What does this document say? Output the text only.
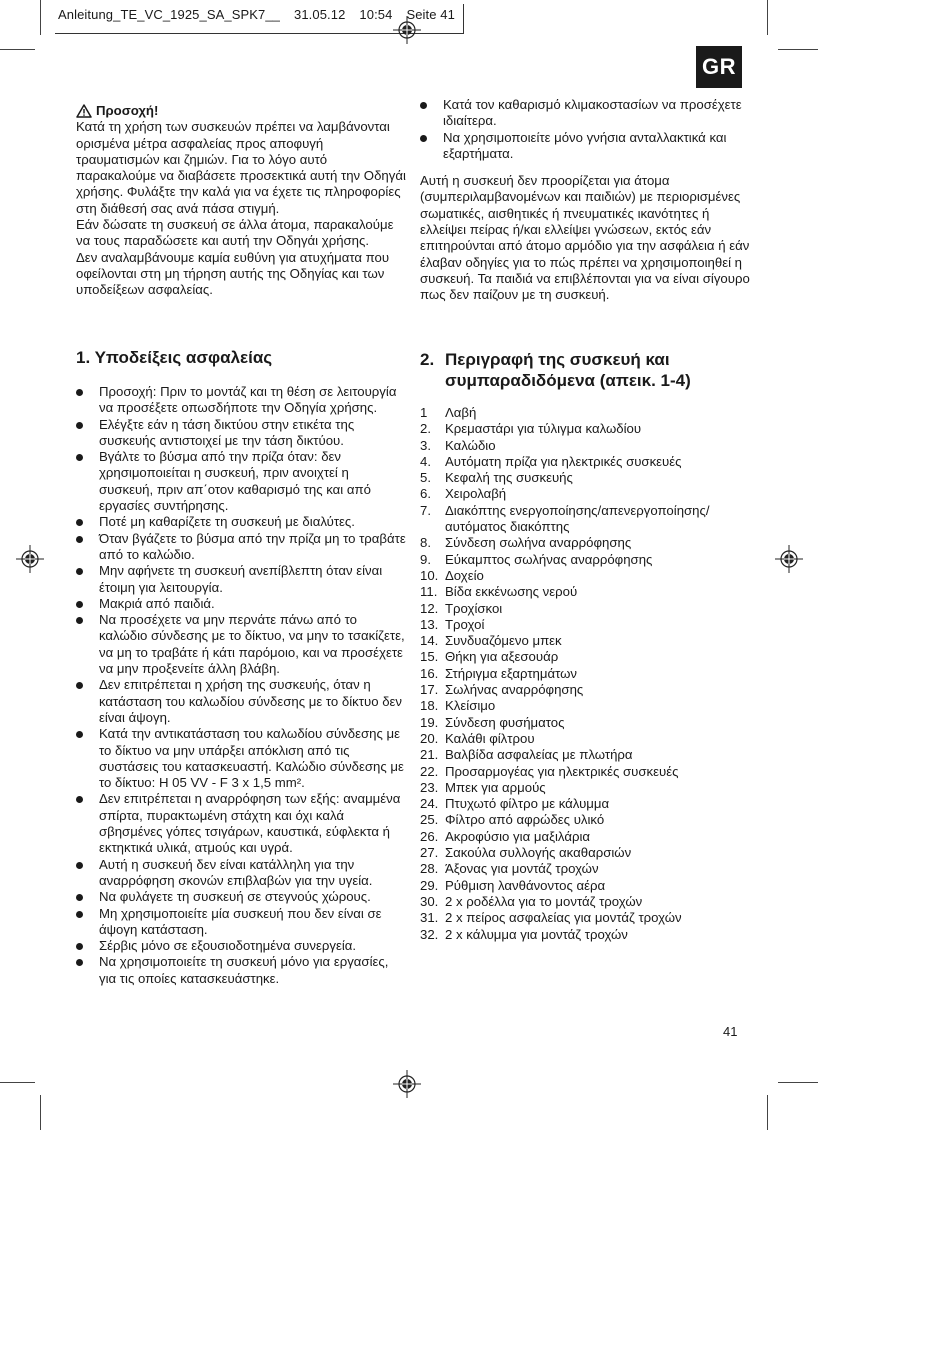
Anleitung_TE_VC_1925_SA_SPK7__ 31.05.12 10:54 Seite 41
GR
Προσοχή!

Κατά τη χρήση των συσκευών πρέπει να λαμβάνονται ορισμένα μέτρα ασφαλείας προς αποφυγή τραυματισμών και ζημιών. Για το λόγο αυτό παρακαλούμε να διαβάσετε προσεκτικά αυτή την Οδηγάι χρήσης. Φυλάξτε την καλά για να έχετε τις πληροφορίες στη διάθεσή σας ανά πάσα στιγμή.

Εάν δώσατε τη συσκευή σε άλλα άτομα, παρακαλούμε να τους παραδώσετε και αυτή την Οδηγάι χρήσης.

Δεν αναλαμβάνουμε καμία ευθύνη για ατυχήματα που οφείλονται στη μη τήρηση αυτής της Οδηγίας και των υποδείξεων ασφαλείας.

1. Υποδείξεις ασφαλείας
Προσοχή: Πριν το μοντάζ και τη θέση σε λειτουργία να προσέξετε οπωσδήποτε την Οδηγία χρήσης.
Ελέγξτε εάν η τάση δικτύου στην ετικέτα της συσκευής αντιστοιχεί με την τάση δικτύου.
Βγάλτε το βύσμα από την πρίζα όταν: δεν χρησιμοποιείται η συσκευή, πριν ανοιχτεί η συσκευή, πριν απ΄οτον καθαρισμό της και από εργασίες συντήρησης.
Ποτέ μη καθαρίζετε τη συσκευή με διαλύτες.
Όταν βγάζετε το βύσμα από την πρίζα μη το τραβάτε από το καλώδιο.
Μην αφήνετε τη συσκευή ανεπίβλεπτη όταν είναι έτοιμη για λειτουργία.
Μακριά από παιδιά.
Να προσέχετε να μην περνάτε πάνω από το καλώδιο σύνδεσης με το δίκτυο, να μην το τσακίζετε, να μη το τραβάτε ή κάτι παρόμοιο, και να προσέχετε να μην προξενείτε άλλη βλάβη.
Δεν επιτρέπεται η χρήση της συσκευής, όταν η κατάσταση του καλωδίου σύνδεσης με το δίκτυο δεν είναι άψογη.
Κατά την αντικατάσταση του καλωδίου σύνδεσης με το δίκτυο να μην υπάρξει απόκλιση από τις συστάσεις του κατασκευαστή. Καλώδιο σύνδεσης με το δίκτυο: H 05 VV - F 3 x 1,5 mm².
Δεν επιτρέπεται η αναρρόφηση των εξής: αναμμένα σπίρτα, πυρακτωμένη στάχτη και όχι καλά σβησμένες γόπες τσιγάρων, καυστικά, εύφλεκτα ή εκτηκτικά υλικά, ατμούς και υγρά.
Αυτή η συσκευή δεν είναι κατάλληλη για την αναρρόφηση σκονών επιβλαβών για την υγεία.
Να φυλάγετε τη συσκευή σε στεγνούς χώρους.
Μη χρησιμοποιείτε μία συσκευή που δεν είναι σε άψογη κατάσταση.
Σέρβις μόνο σε εξουσιοδοτημένα συνεργεία.
Να χρησιμοποιείτε τη συσκευή μόνο για εργασίες, για τις οποίες κατασκευάστηκε.
Κατά τον καθαρισμό κλιμακοστασίων να προσέχετε ιδιαίτερα.
Να χρησιμοποιείτε μόνο γνήσια ανταλλακτικά και εξαρτήματα.

Αυτή η συσκευή δεν προορίζεται για άτομα (συμπεριλαμβανομένων και παιδιών) με περιορισμένες σωματικές, αισθητικές ή πνευματικές ικανότητες ή ελλείψει πείρας ή/και ελλείψει γνώσεων, εκτός εάν επιτηρούνται από άτομο αρμόδιο για την ασφάλεια ή εάν έλαβαν οδηγίες για το πώς πρέπει να χρησιμοποιηθεί η συσκευή. Τα παιδιά να επιβλέπονται για να είναι σίγουρο πως δεν παίζουν με τη συσκευή.

2. Περιγραφή της συσκευή και
συμπαραδιδόμενα (απεικ. 1-4)
1	Λαβή
2.	Κρεμαστάρι για τύλιγμα καλωδίου
3.	Καλώδιο
4.	Αυτόματη πρίζα για ηλεκτρικές συσκευές
5.	Κεφαλή της συσκευής
6.	Χειρολαβή
7.	Διακόπτης ενεργοποίησης/απενεργοποίησης/αυτόματος διακόπτης
8.	Σύνδεση σωλήνα αναρρόφησης
9.	Εύκαμπτος σωλήνας αναρρόφησης
10. Δοχείο
11. Βίδα εκκένωσης νερού
12. Τροχίσκοι
13. Τροχοί
14. Συνδυαζόμενο μπεκ
15. Θήκη για αξεσουάρ
16. Στήριγμα εξαρτημάτων
17. Σωλήνας αναρρόφησης
18. Κλείσιμο
19. Σύνδεση φυσήματος
20. Καλάθι φίλτρου
21. Βαλβίδα ασφαλείας με πλωτήρα
22. Προσαρμογέας για ηλεκτρικές συσκευές
23. Μπεκ για αρμούς
24. Πτυχωτό φίλτρο με κάλυμμα
25. Φίλτρο από αφρώδες υλικό
26. Ακροφύσιο για μαξιλάρια
27. Σακούλα συλλογής ακαθαρσιών
28. Άξονας για μοντάζ τροχών
29. Ρύθμιση λανθάνοντος αέρα
30. 2 x ροδέλλα για το μοντάζ τροχών
31. 2 x πείρος ασφαλείας για μοντάζ τροχών
32. 2 x κάλυμμα για μοντάζ τροχών
41
